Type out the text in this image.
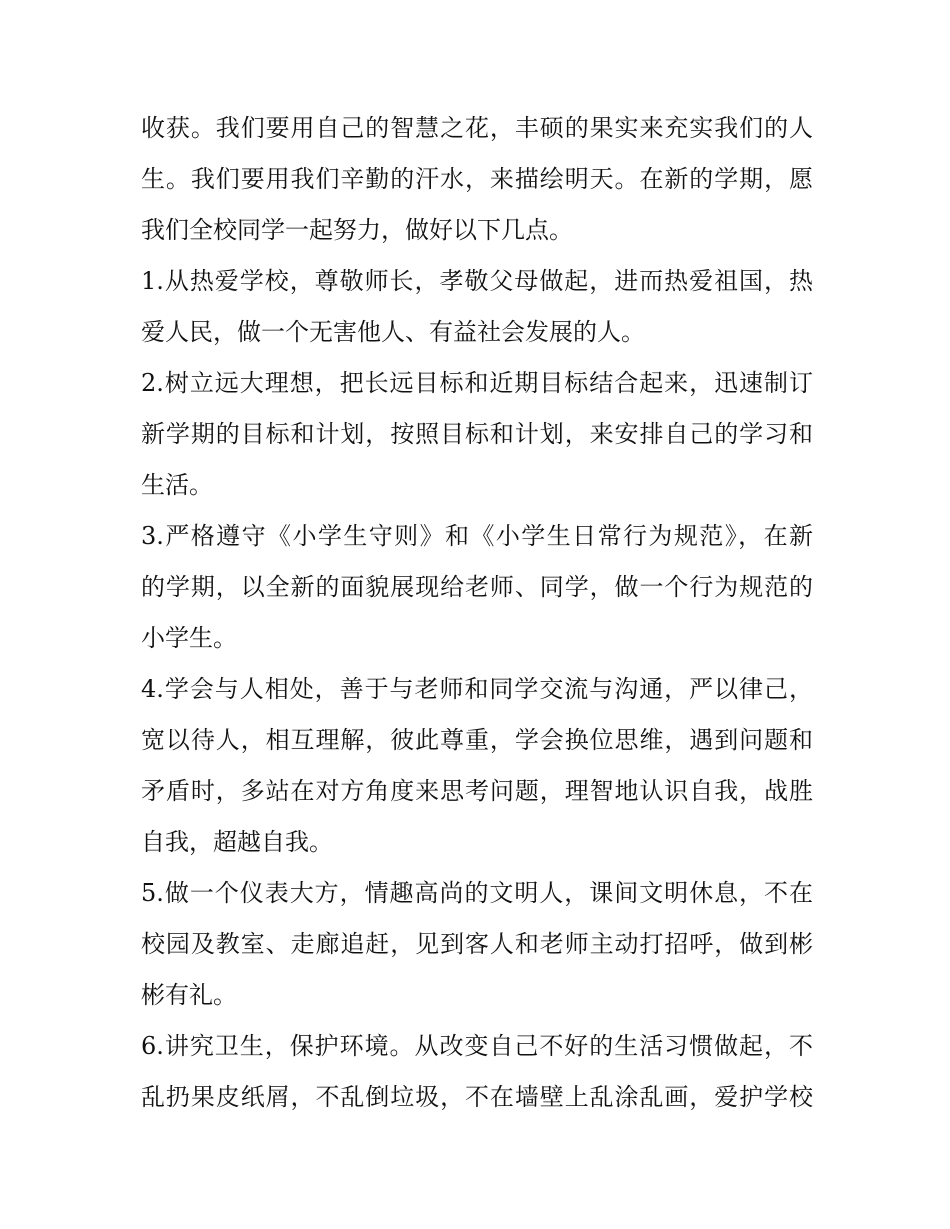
收获。我们要用自己的智慧之花，丰硕的果实来充实我们的人
生。我们要用我们辛勤的汗水，来描绘明天。在新的学期，愿
我们全校同学一起努力，做好以下几点。
1.从热爱学校，尊敬师长，孝敬父母做起，进而热爱祖国，热
爱人民，做一个无害他人、有益社会发展的人。
2.树立远大理想，把长远目标和近期目标结合起来，迅速制订
新学期的目标和计划，按照目标和计划，来安排自己的学习和
生活。
3.严格遵守《小学生守则》和《小学生日常行为规范》，在新
的学期，以全新的面貌展现给老师、同学，做一个行为规范的
小学生。
4.学会与人相处，善于与老师和同学交流与沟通，严以律己，
宽以待人，相互理解，彼此尊重，学会换位思维，遇到问题和
矛盾时，多站在对方角度来思考问题，理智地认识自我，战胜
自我，超越自我。
5.做一个仪表大方，情趣高尚的文明人，课间文明休息，不在
校园及教室、走廊追赶，见到客人和老师主动打招呼，做到彬
彬有礼。
6.讲究卫生，保护环境。从改变自己不好的生活习惯做起，不
乱扔果皮纸屑，不乱倒垃圾，不在墙壁上乱涂乱画，爱护学校
